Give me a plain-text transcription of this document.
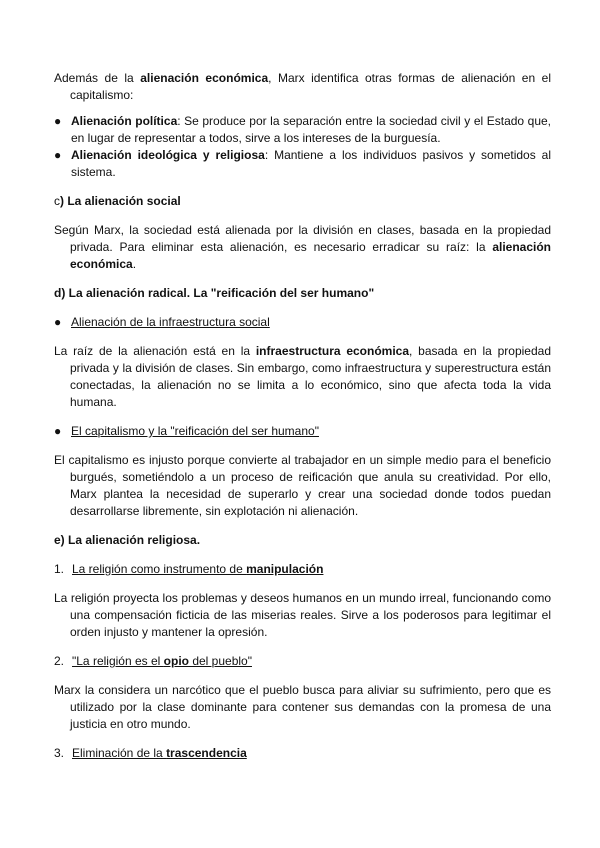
Además de la alienación económica, Marx identifica otras formas de alienación en el capitalismo:

● Alienación política: Se produce por la separación entre la sociedad civil y el Estado que, en lugar de representar a todos, sirve a los intereses de la burguesía.
● Alienación ideológica y religiosa: Mantiene a los individuos pasivos y sometidos al sistema.

c) La alienación social

Según Marx, la sociedad está alienada por la división en clases, basada en la propiedad privada. Para eliminar esta alienación, es necesario erradicar su raíz: la alienación económica.

d) La alienación radical. La "reificación del ser humano"

● Alienación de la infraestructura social

La raíz de la alienación está en la infraestructura económica, basada en la propiedad privada y la división de clases. Sin embargo, como infraestructura y superestructura están conectadas, la alienación no se limita a lo económico, sino que afecta toda la vida humana.

● El capitalismo y la "reificación del ser humano"

El capitalismo es injusto porque convierte al trabajador en un simple medio para el beneficio burgués, sometiéndolo a un proceso de reificación que anula su creatividad. Por ello, Marx plantea la necesidad de superarlo y crear una sociedad donde todos puedan desarrollarse libremente, sin explotación ni alienación.

e) La alienación religiosa.

1. La religión como instrumento de manipulación

La religión proyecta los problemas y deseos humanos en un mundo irreal, funcionando como una compensación ficticia de las miserias reales. Sirve a los poderosos para legitimar el orden injusto y mantener la opresión.

2. "La religión es el opio del pueblo"

Marx la considera un narcótico que el pueblo busca para aliviar su sufrimiento, pero que es utilizado por la clase dominante para contener sus demandas con la promesa de una justicia en otro mundo.

3. Eliminación de la trascendencia
